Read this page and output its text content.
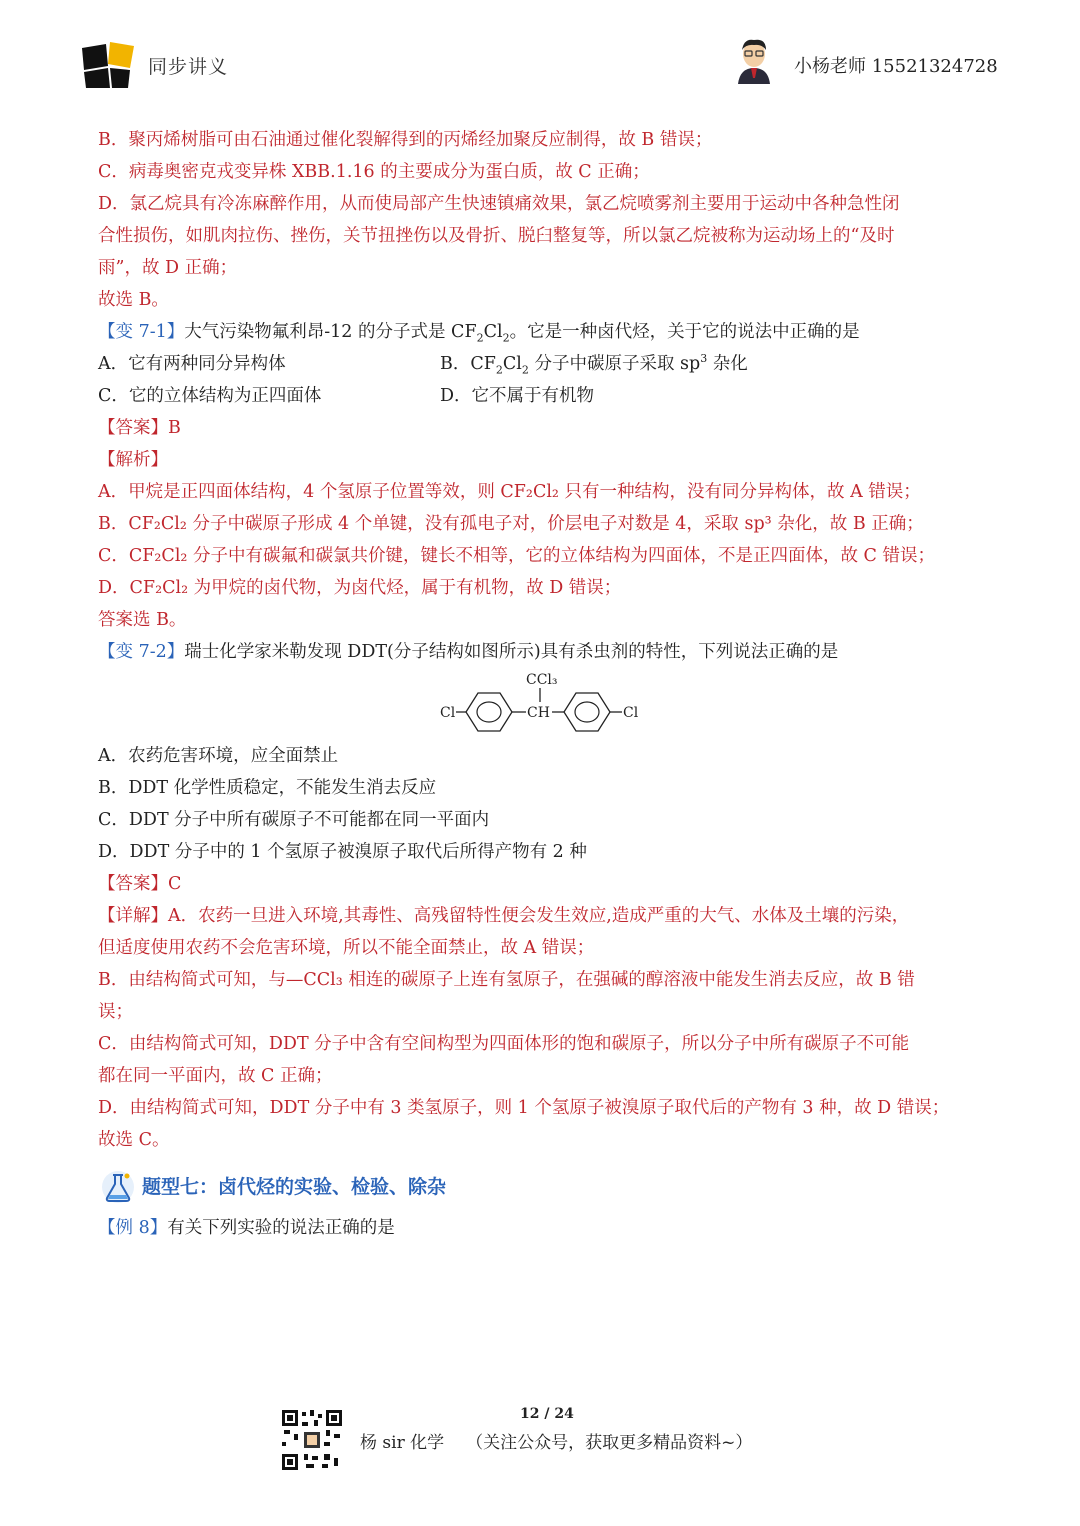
同步讲义	小杨老师 15521324728
B．聚丙烯树脂可由石油通过催化裂解得到的丙烯经加聚反应制得，故 B 错误；
C．病毒奥密克戎变异株 XBB.1.16 的主要成分为蛋白质，故 C 正确；
D．氯乙烷具有冷冻麻醉作用，从而使局部产生快速镇痛效果，氯乙烷喷雾剂主要用于运动中各种急性闭
合性损伤，如肌肉拉伤、挫伤，关节扭挫伤以及骨折、脱臼整复等，所以氯乙烷被称为运动场上的“及时
雨”，故 D 正确；
故选 B。
【变 7-1】大气污染物氟利昂-12 的分子式是 $CF_2Cl_2$。它是一种卤代烃，关于它的说法中正确的是
A．它有两种同分异构体	B．$CF_2Cl_2$ 分子中碳原子采取 $sp^3$ 杂化
C．它的立体结构为正四面体	D．它不属于有机物
【答案】B
【解析】
A．甲烷是正四面体结构，4 个氢原子位置等效，则 CF₂Cl₂ 只有一种结构，没有同分异构体，故 A 错误；
B．CF₂Cl₂ 分子中碳原子形成 4 个单键，没有孤电子对，价层电子对数是 4，采取 sp³ 杂化，故 B 正确；
C．CF₂Cl₂ 分子中有碳氟和碳氯共价键，键长不相等，它的立体结构为四面体，不是正四面体，故 C 错误；
D．CF₂Cl₂ 为甲烷的卤代物，为卤代烃，属于有机物，故 D 错误；
答案选 B。
【变 7-2】瑞士化学家米勒发现 DDT(分子结构如图所示)具有杀虫剂的特性，下列说法正确的是
CCl₃
Cl	CH	Cl
A．农药危害环境，应全面禁止
B．DDT 化学性质稳定，不能发生消去反应
C．DDT 分子中所有碳原子不可能都在同一平面内
D．DDT 分子中的 1 个氢原子被溴原子取代后所得产物有 2 种
【答案】C
【详解】A．农药一旦进入环境,其毒性、高残留特性便会发生效应,造成严重的大气、水体及土壤的污染，
但适度使用农药不会危害环境，所以不能全面禁止，故 A 错误；
B．由结构简式可知，与—CCl₃ 相连的碳原子上连有氢原子，在强碱的醇溶液中能发生消去反应，故 B 错
误；
C．由结构简式可知，DDT 分子中含有空间构型为四面体形的饱和碳原子，所以分子中所有碳原子不可能
都在同一平面内，故 C 正确；
D．由结构简式可知，DDT 分子中有 3 类氢原子，则 1 个氢原子被溴原子取代后的产物有 3 种，故 D 错误；
故选 C。
题型七：卤代烃的实验、检验、除杂
【例 8】有关下列实验的说法正确的是
12 / 24
杨 sir 化学 （关注公众号，获取更多精品资料~）
